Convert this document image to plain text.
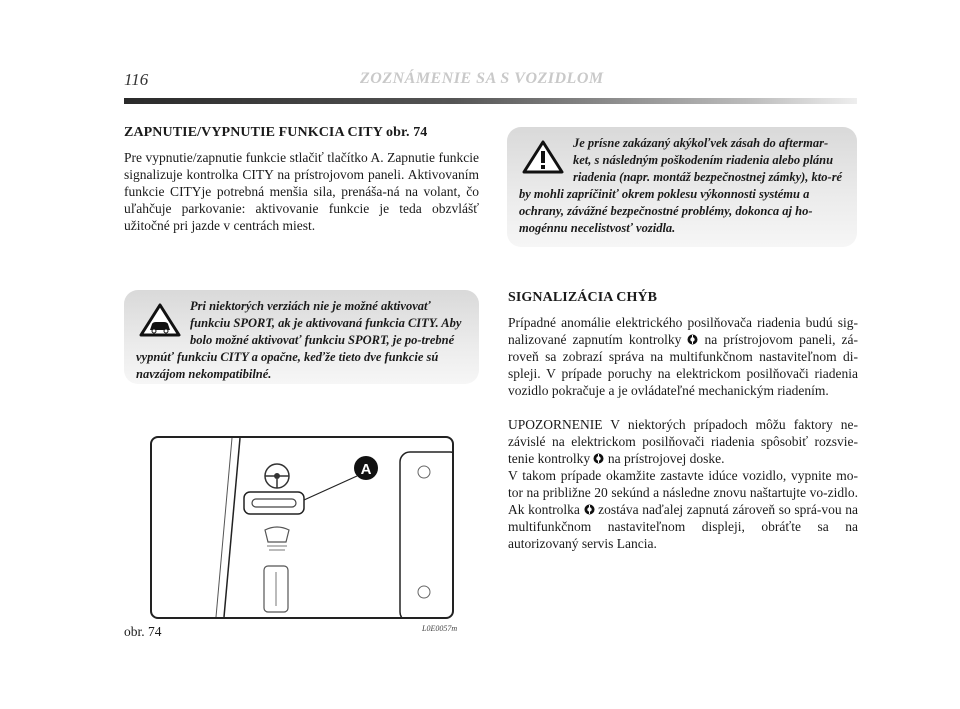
116	ZOZNÁMENIE SA S VOZIDLOM
ZAPNUTIE/VYPNUTIE FUNKCIA CITY obr. 74

Pre vypnutie/zapnutie funkcie stlačiť tlačítko A. Zapnutie funkcie signalizuje kontrolka CITY na prístrojovom paneli. Aktivovaním funkcie CITYje potrebná menšia sila, prenáša-ná na volant, čo uľahčuje parkovanie: aktivovanie funkcie je teda obzvlášť užitočné pri jazde v centrách miest.

Je prísne zakázaný akýkoľvek zásah do aftermar-ket, s následným poškodením riadenia alebo plánu riadenia (napr. montáž bezpečnostnej zámky), kto-ré by mohli zapríčiniť okrem poklesu výkonnosti systému a ochrany, závážné bezpečnostné problémy, dokonca aj ho-mogénnu necelistvosť vozidla.
Pri niektorých verziách nie je možné aktivovať funkciu SPORT, ak je aktivovaná funkcia CITY. Aby bolo možné aktivovať funkciu SPORT, je po-trebné vypnúť funkciu CITY a opačne, keďže tieto dve funkcie sú navzájom nekompatibilné.
SIGNALIZÁCIA CHÝB

Prípadné anomálie elektrického posilňovača riadenia budú sig-nalizované zapnutím kontrolky na prístrojovom paneli, zá-roveň sa zobrazí správa na multifunkčnom nastaviteľnom di-spleji. V prípade poruchy na elektrickom posilňovači riadenia vozidlo pokračuje a je ovládateľné mechanickým riadením.

UPOZORNENIE V niektorých prípadoch môžu faktory ne-závislé na elektrickom posilňovači riadenia spôsobiť rozsvie-tenie kontrolky na prístrojovej doske.
V takom prípade okamžite zastavte idúce vozidlo, vypnite mo-tor na približne 20 sekúnd a následne znovu naštartujte vo-zidlo. Ak kontrolka zostáva naďalej zapnutá zároveň so sprá-vou na multifunkčnom nastaviteľnom displeji, obráťte sa na autorizovaný servis Lancia.

A
obr. 74	L0E0057m
